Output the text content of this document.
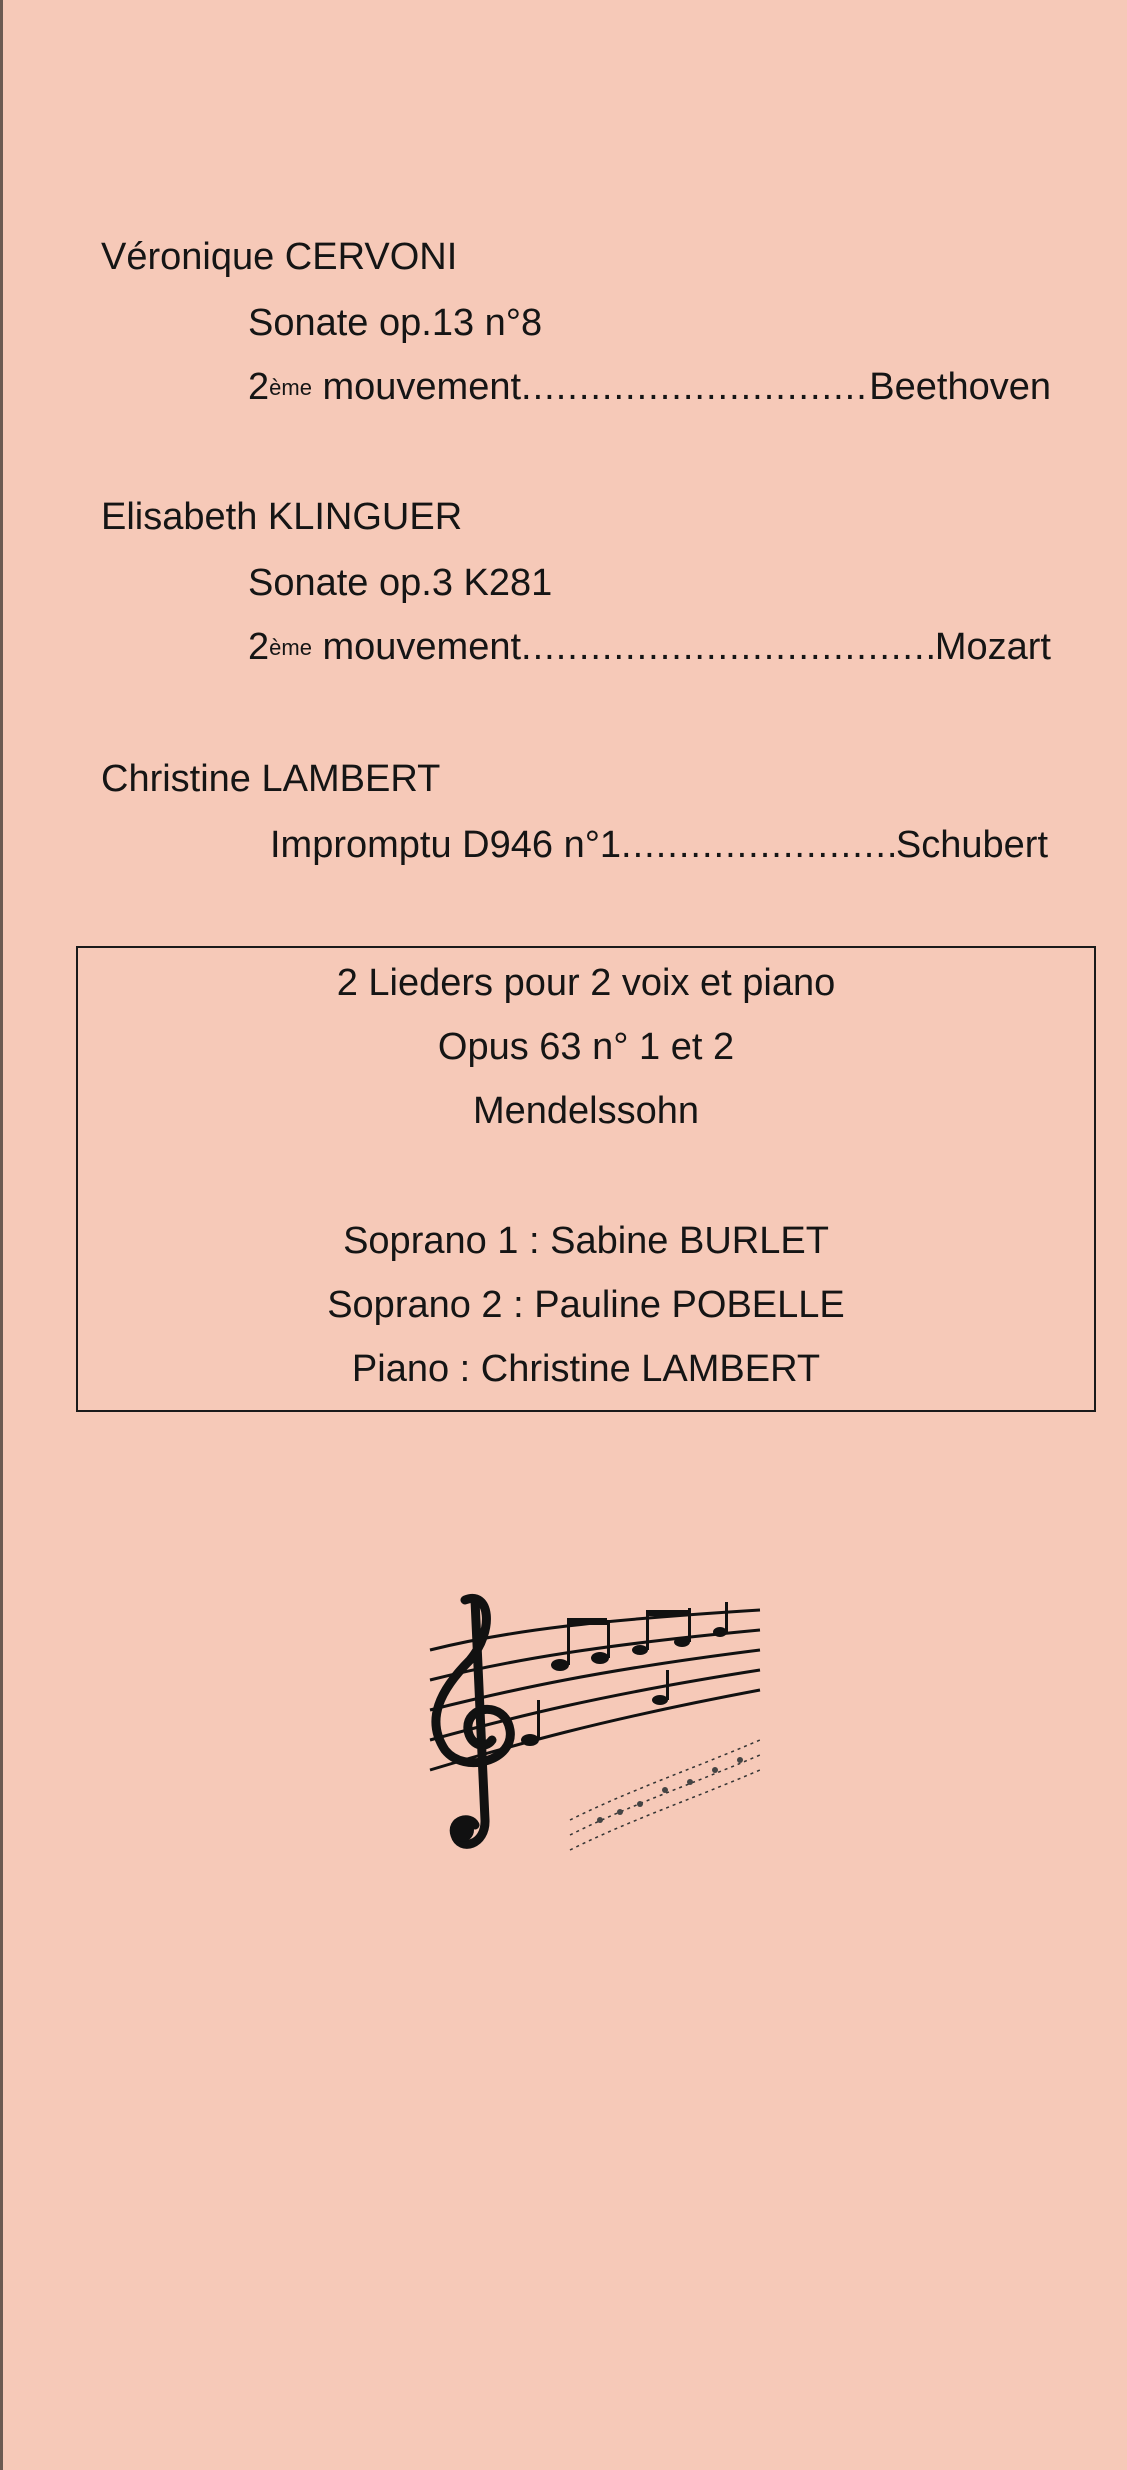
Véronique CERVONI
Sonate op.13 n°8
2ème mouvement .....	Beethoven
Elisabeth KLINGUER
Sonate op.3 K281
2ème mouvement .....	Mozart
Christine LAMBERT
Impromptu D946 n°1 .....	Schubert
2 Lieders pour 2 voix et piano
Opus 63 n° 1 et 2
Mendelssohn
Soprano 1 : Sabine BURLET
Soprano 2 : Pauline POBELLE
Piano : Christine LAMBERT
